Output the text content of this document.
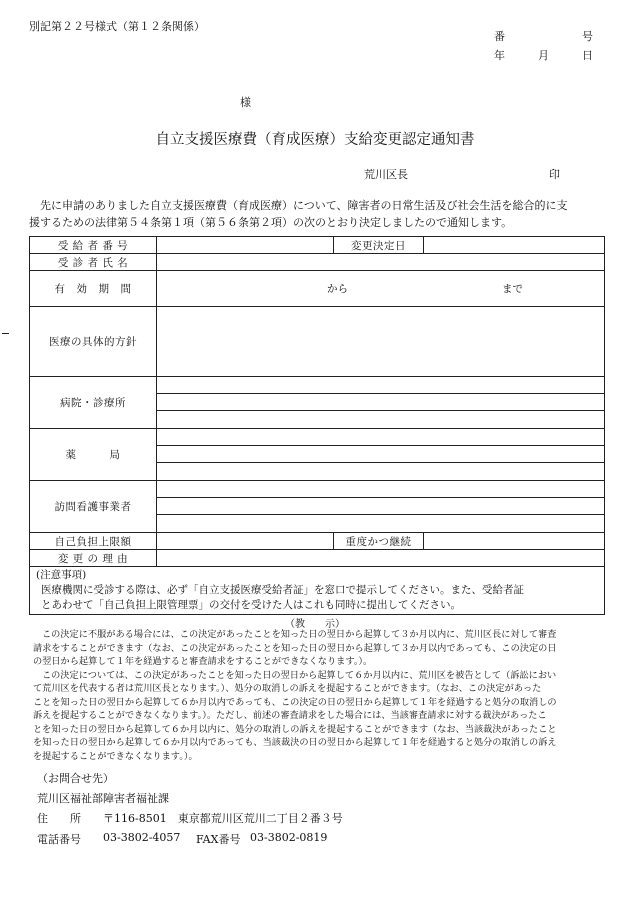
別記第２２号様式（第１２条関係）
番　　　　　　　号
年　　　月　　　日
様
自立支援医療費（育成医療）支給変更認定通知書
荒川区長	印

先に申請のありました自立支援医療費（育成医療）について、障害者の日常生活及び社会生活を総合的に支

援するための法律第５４条第１項（第５６条第２項）の次のとおり決定しましたので通知します。

受 給 者 番 号		変更決定日	
受 診 者 氏 名			
有　効　期　間	から まで		

医療の具体的方針			
病院・診療所			

薬　　　局			

訪問看護事業者			

自己負担上限額		重度かつ継続	
変 更 の 理 由			

(注意事項)

医療機関に受診する際は、必ず「自立支援医療受給者証」を窓口で提示してください。また、受給者証

とあわせて「自己負担上限管理票」の交付を受けた人はこれも同時に提出してください。			

（教　　示）

この決定に不服がある場合には、この決定があったことを知った日の翌日から起算して３か月以内に、荒川区長に対して審査

請求をすることができます（なお、この決定があったことを知った日の翌日から起算して３か月以内であっても、この決定の日

の翌日から起算して１年を経過すると審査請求をすることができなくなります。）。

この決定については、この決定があったことを知った日の翌日から起算して６か月以内に、荒川区を被告として（訴訟におい

て荒川区を代表する者は荒川区長となります。）、処分の取消しの訴えを提起することができます。（なお、この決定があった

ことを知った日の翌日から起算して６か月以内であっても、この決定の日の翌日から起算して１年を経過すると処分の取消しの

訴えを提起することができなくなります。）。ただし、前述の審査請求をした場合には、当該審査請求に対する裁決があったこ

とを知った日の翌日から起算して６か月以内に、処分の取消しの訴えを提起することができます（なお、当該裁決があったこと

を知った日の翌日から起算して６か月以内であっても、当該裁決の日の翌日から起算して１年を経過すると処分の取消しの訴え

を提起することができなくなります。）。

（お問合せ先）
荒川区福祉部障害者福祉課
住　　所 〒116-8501　東京都荒川区荒川二丁目２番３号
電話番号 03-3802-4057 FAX番号 03-3802-0819
